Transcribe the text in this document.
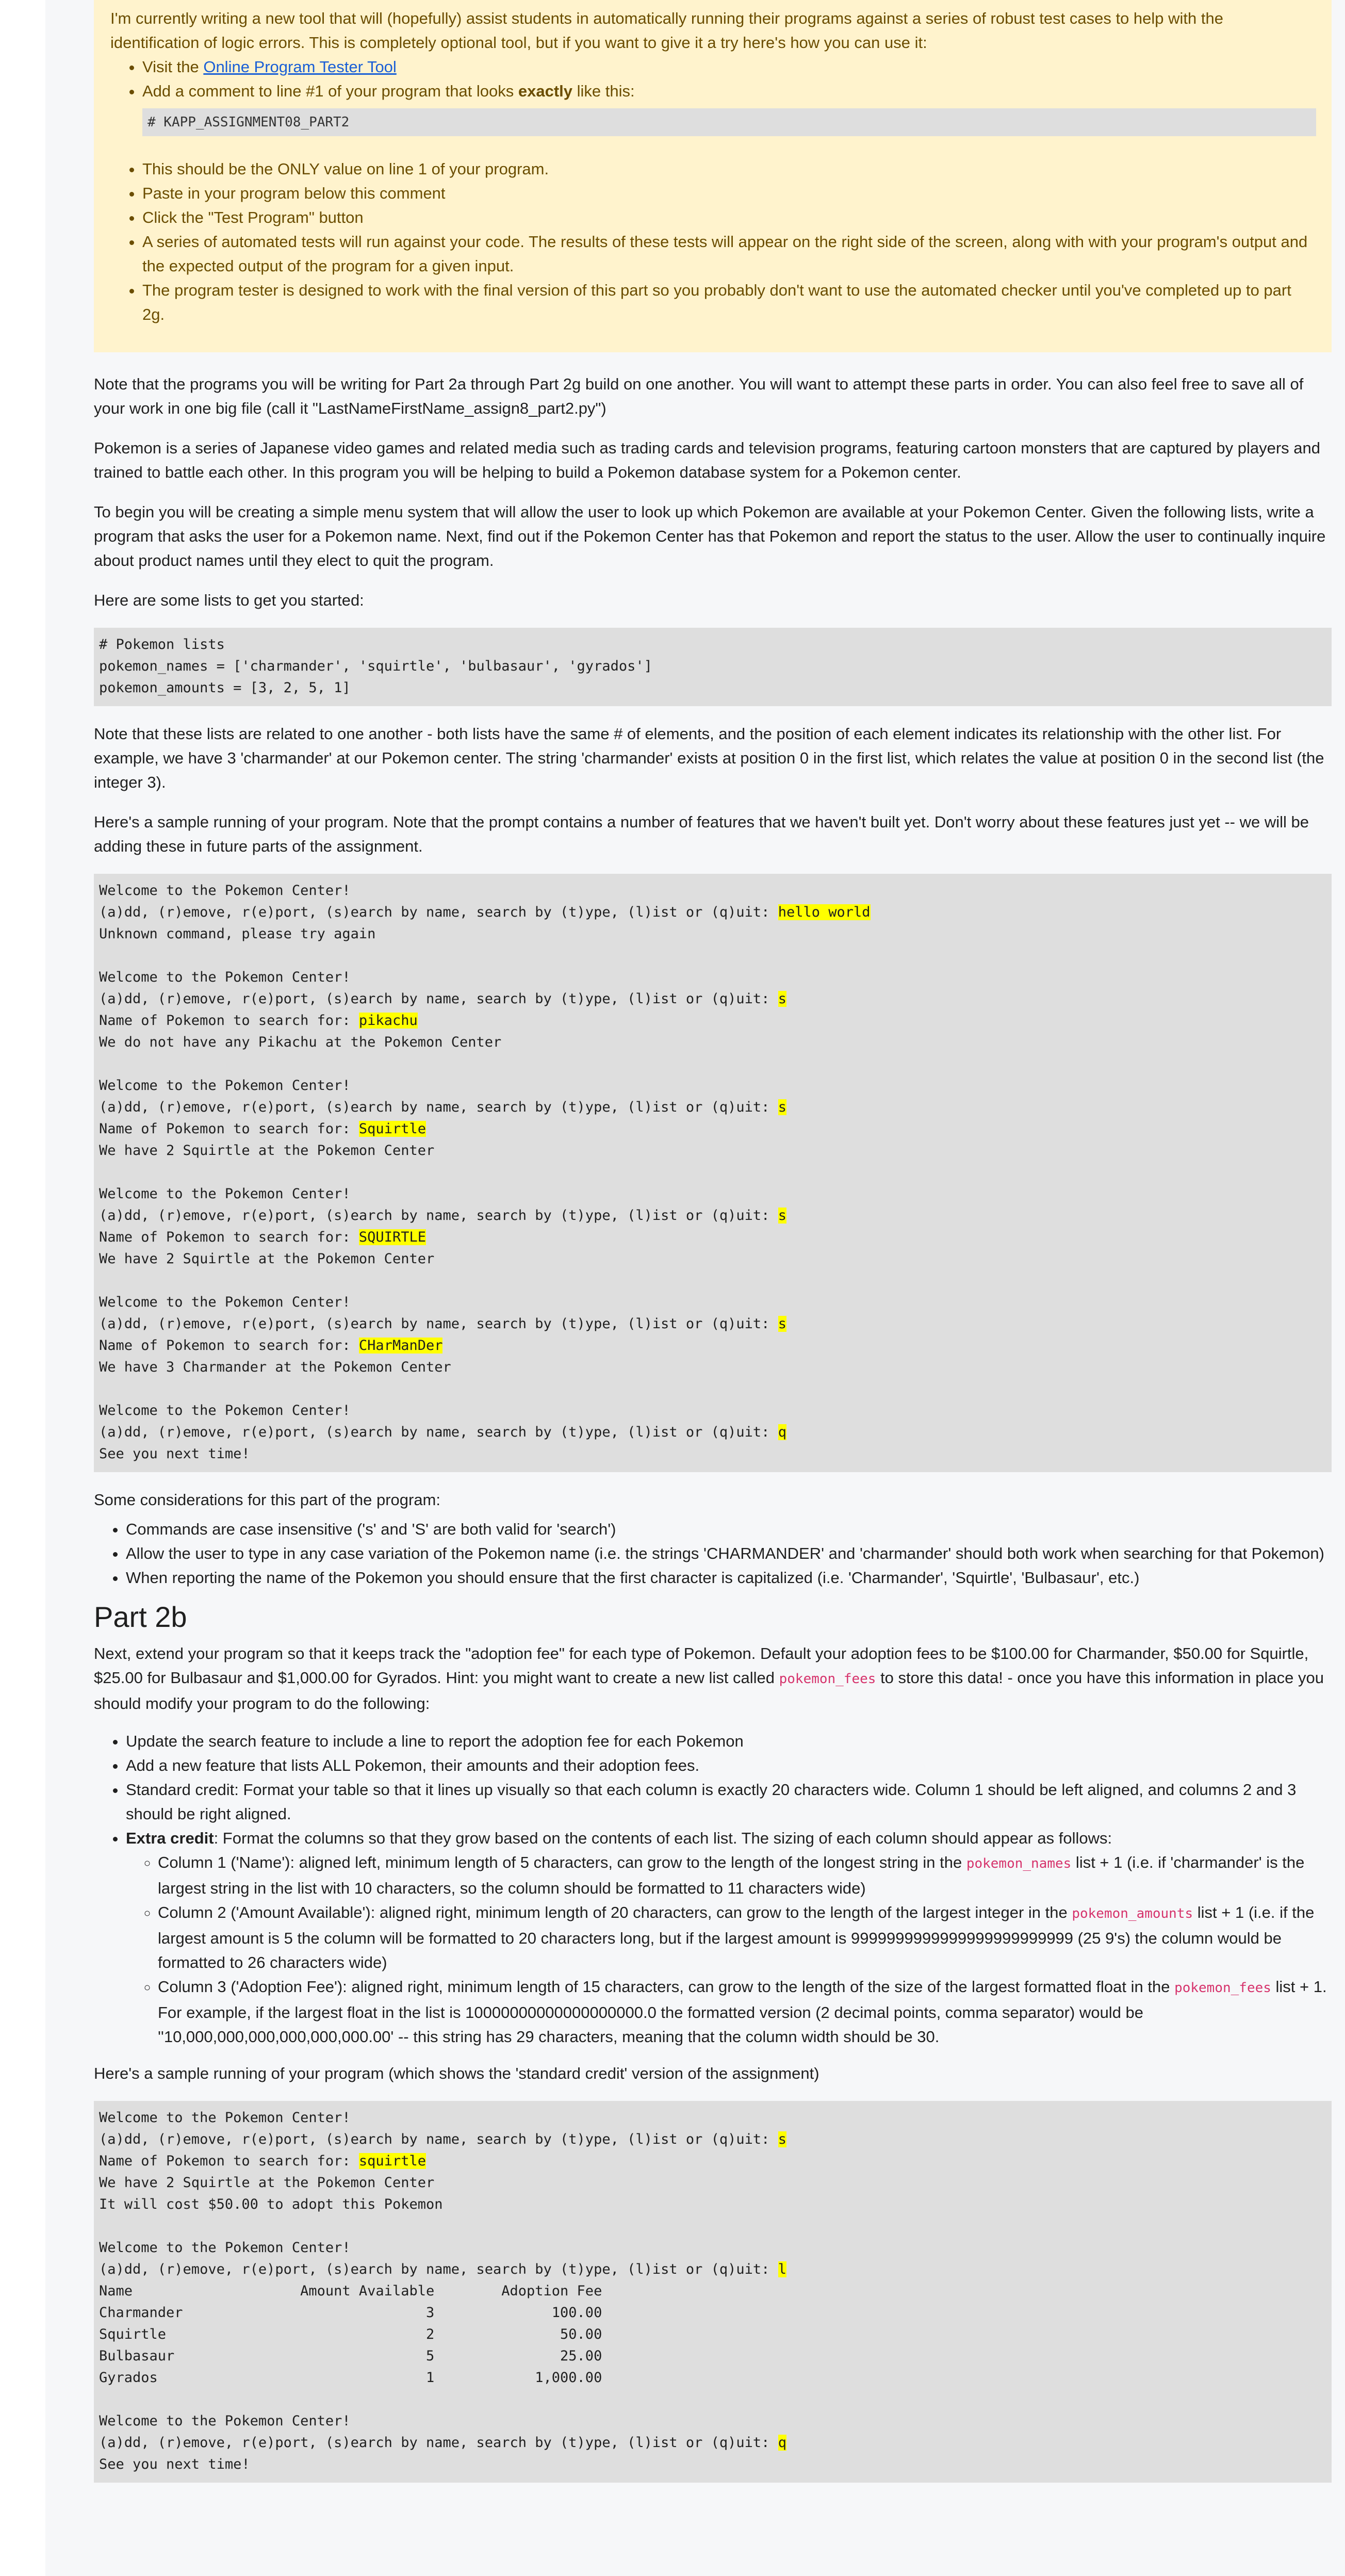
I'm currently writing a new tool that will (hopefully) assist students in automatically running their programs against a series of robust test cases to help with the identification of logic errors. This is completely optional tool, but if you want to give it a try here's how you can use it:

• Visit the Online Program Tester Tool
• Add a comment to line #1 of your program that looks exactly like this:
# KAPP_ASSIGNMENT08_PART2
• This should be the ONLY value on line 1 of your program.
• Paste in your program below this comment
• Click the "Test Program" button
• A series of automated tests will run against your code. The results of these tests will appear on the right side of the screen, along with with your program's output and the expected output of the program for a given input.
• The program tester is designed to work with the final version of this part so you probably don't want to use the automated checker until you've completed up to part 2g.

Note that the programs you will be writing for Part 2a through Part 2g build on one another. You will want to attempt these parts in order. You can also feel free to save all of your work in one big file (call it "LastNameFirstName_assign8_part2.py")

Pokemon is a series of Japanese video games and related media such as trading cards and television programs, featuring cartoon monsters that are captured by players and trained to battle each other. In this program you will be helping to build a Pokemon database system for a Pokemon center.

To begin you will be creating a simple menu system that will allow the user to look up which Pokemon are available at your Pokemon Center. Given the following lists, write a program that asks the user for a Pokemon name. Next, find out if the Pokemon Center has that Pokemon and report the status to the user. Allow the user to continually inquire about product names until they elect to quit the program.

Here are some lists to get you started:

# Pokemon lists
pokemon_names = ['charmander', 'squirtle', 'bulbasaur', 'gyrados']
pokemon_amounts = [3, 2, 5, 1]

Note that these lists are related to one another - both lists have the same # of elements, and the position of each element indicates its relationship with the other list. For example, we have 3 'charmander' at our Pokemon center. The string 'charmander' exists at position 0 in the first list, which relates the value at position 0 in the second list (the integer 3).

Here's a sample running of your program. Note that the prompt contains a number of features that we haven't built yet. Don't worry about these features just yet -- we will be adding these in future parts of the assignment.

Welcome to the Pokemon Center!
(a)dd, (r)emove, r(e)port, (s)earch by name, search by (t)ype, (l)ist or (q)uit: hello world
Unknown command, please try again

Welcome to the Pokemon Center!
(a)dd, (r)emove, r(e)port, (s)earch by name, search by (t)ype, (l)ist or (q)uit: s
Name of Pokemon to search for: pikachu
We do not have any Pikachu at the Pokemon Center

Welcome to the Pokemon Center!
(a)dd, (r)emove, r(e)port, (s)earch by name, search by (t)ype, (l)ist or (q)uit: s
Name of Pokemon to search for: Squirtle
We have 2 Squirtle at the Pokemon Center

Welcome to the Pokemon Center!
(a)dd, (r)emove, r(e)port, (s)earch by name, search by (t)ype, (l)ist or (q)uit: s
Name of Pokemon to search for: SQUIRTLE
We have 2 Squirtle at the Pokemon Center

Welcome to the Pokemon Center!
(a)dd, (r)emove, r(e)port, (s)earch by name, search by (t)ype, (l)ist or (q)uit: s
Name of Pokemon to search for: CHarManDer
We have 3 Charmander at the Pokemon Center

Welcome to the Pokemon Center!
(a)dd, (r)emove, r(e)port, (s)earch by name, search by (t)ype, (l)ist or (q)uit: q
See you next time!

Some considerations for this part of the program:

• Commands are case insensitive ('s' and 'S' are both valid for 'search')
• Allow the user to type in any case variation of the Pokemon name (i.e. the strings 'CHARMANDER' and 'charmander' should both work when searching for that Pokemon)
• When reporting the name of the Pokemon you should ensure that the first character is capitalized (i.e. 'Charmander', 'Squirtle', 'Bulbasaur', etc.)
Part 2b

Next, extend your program so that it keeps track the "adoption fee" for each type of Pokemon. Default your adoption fees to be $100.00 for Charmander, $50.00 for Squirtle, $25.00 for Bulbasaur and $1,000.00 for Gyrados. Hint: you might want to create a new list called pokemon_fees to store this data! - once you have this information in place you should modify your program to do the following:

• Update the search feature to include a line to report the adoption fee for each Pokemon
• Add a new feature that lists ALL Pokemon, their amounts and their adoption fees.
• Standard credit: Format your table so that it lines up visually so that each column is exactly 20 characters wide. Column 1 should be left aligned, and columns 2 and 3 should be right aligned.
• Extra credit: Format the columns so that they grow based on the contents of each list. The sizing of each column should appear as follows:
◦ Column 1 ('Name'): aligned left, minimum length of 5 characters, can grow to the length of the longest string in the pokemon_names list + 1 (i.e. if 'charmander' is the largest string in the list with 10 characters, so the column should be formatted to 11 characters wide)
◦ Column 2 ('Amount Available'): aligned right, minimum length of 20 characters, can grow to the length of the largest integer in the pokemon_amounts list + 1 (i.e. if the largest amount is 5 the column will be formatted to 20 characters long, but if the largest amount is 9999999999999999999999999 (25 9's) the column would be formatted to 26 characters wide)
◦ Column 3 ('Adoption Fee'): aligned right, minimum length of 15 characters, can grow to the length of the size of the largest formatted float in the pokemon_fees list + 1. For example, if the largest float in the list is 10000000000000000000.0 the formatted version (2 decimal points, comma separator) would be ''10,000,000,000,000,000,000.00' -- this string has 29 characters, meaning that the column width should be 30.

Here's a sample running of your program (which shows the 'standard credit' version of the assignment)

Welcome to the Pokemon Center!
(a)dd, (r)emove, r(e)port, (s)earch by name, search by (t)ype, (l)ist or (q)uit: s
Name of Pokemon to search for: squirtle
We have 2 Squirtle at the Pokemon Center
It will cost $50.00 to adopt this Pokemon

Welcome to the Pokemon Center!
(a)dd, (r)emove, r(e)port, (s)earch by name, search by (t)ype, (l)ist or (q)uit: l
Name                    Amount Available        Adoption Fee
Charmander                             3              100.00
Squirtle                               2               50.00
Bulbasaur                              5               25.00
Gyrados                                1            1,000.00

Welcome to the Pokemon Center!
(a)dd, (r)emove, r(e)port, (s)earch by name, search by (t)ype, (l)ist or (q)uit: q
See you next time!
